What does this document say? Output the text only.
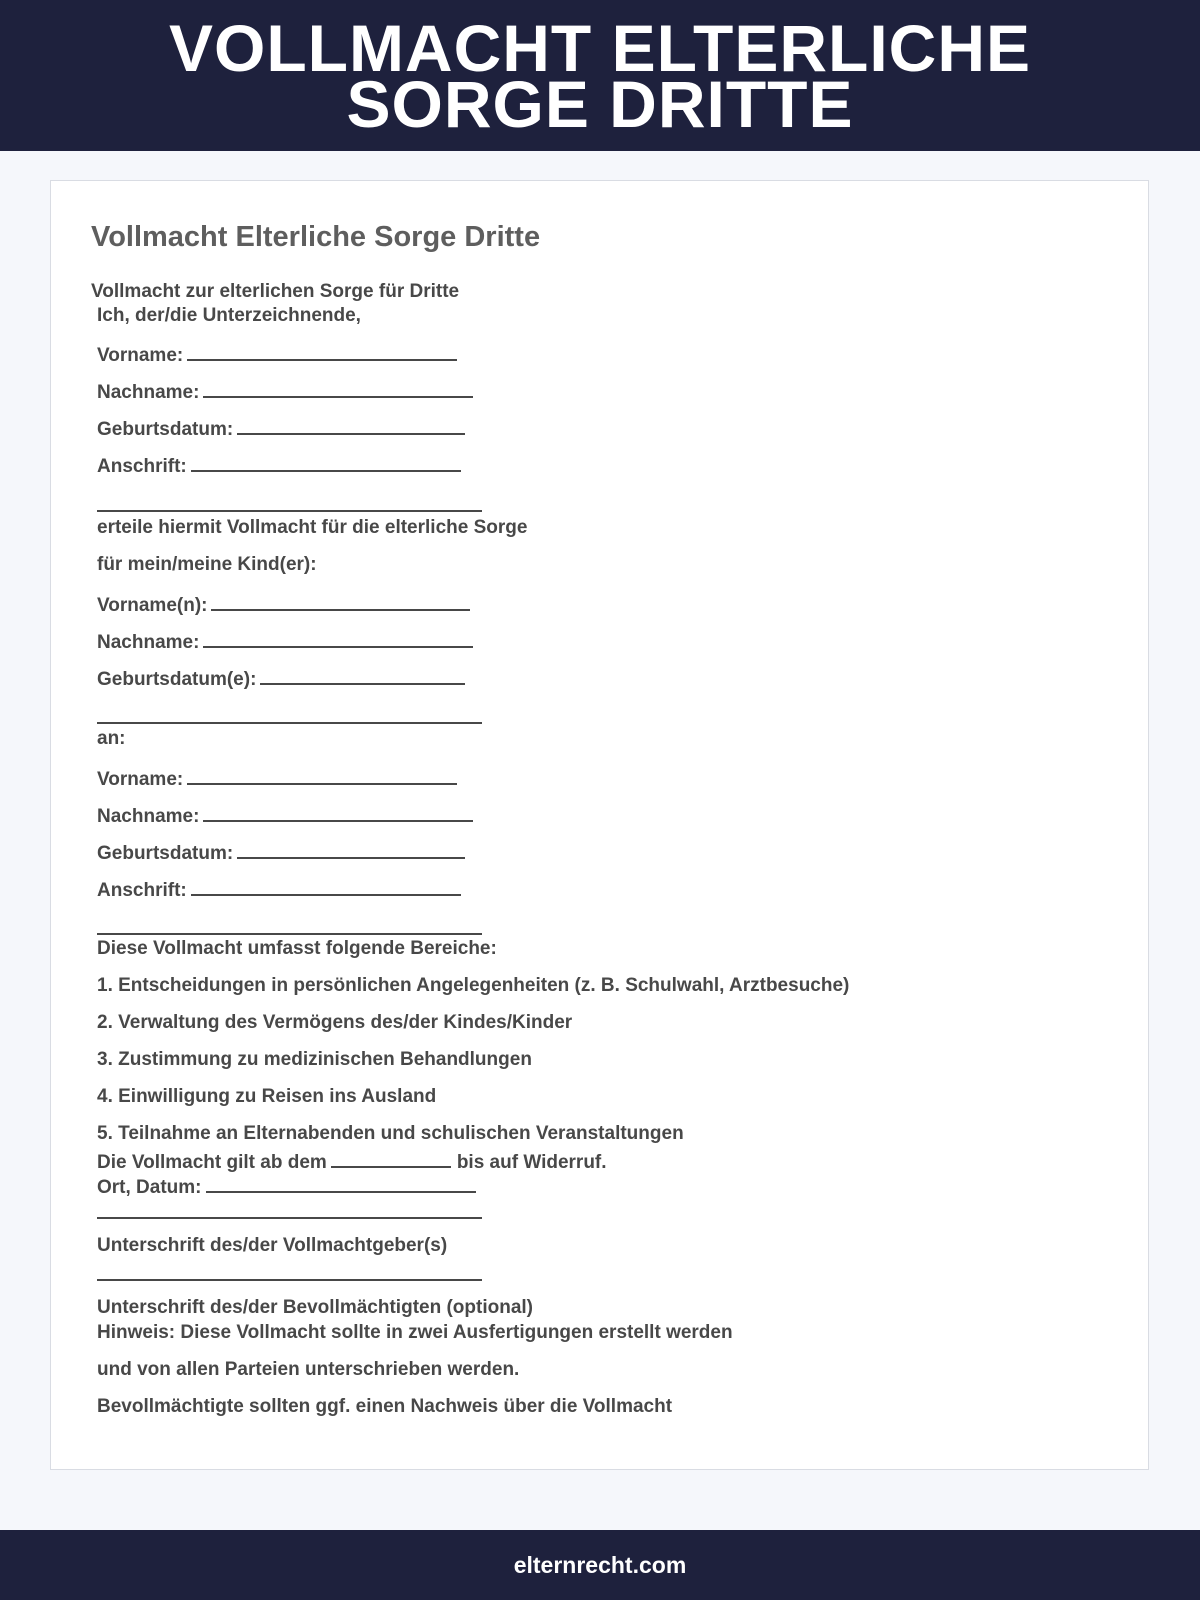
VOLLMACHT ELTERLICHE
SORGE DRITTE
Vollmacht Elterliche Sorge Dritte
Vollmacht zur elterlichen Sorge für Dritte
Ich, der/die Unterzeichnende,
Vorname:
Nachname:
Geburtsdatum:
Anschrift:
erteile hiermit Vollmacht für die elterliche Sorge
für mein/meine Kind(er):
Vorname(n):
Nachname:
Geburtsdatum(e):
an:
Vorname:
Nachname:
Geburtsdatum:
Anschrift:
Diese Vollmacht umfasst folgende Bereiche:
1. Entscheidungen in persönlichen Angelegenheiten (z. B. Schulwahl, Arztbesuche)
2. Verwaltung des Vermögens des/der Kindes/Kinder
3. Zustimmung zu medizinischen Behandlungen
4. Einwilligung zu Reisen ins Ausland
5. Teilnahme an Elternabenden und schulischen Veranstaltungen
Die Vollmacht gilt ab dem	bis auf Widerruf.
Ort, Datum:
Unterschrift des/der Vollmachtgeber(s)
Unterschrift des/der Bevollmächtigten (optional)
Hinweis: Diese Vollmacht sollte in zwei Ausfertigungen erstellt werden
und von allen Parteien unterschrieben werden.
Bevollmächtigte sollten ggf. einen Nachweis über die Vollmacht
elternrecht.com
